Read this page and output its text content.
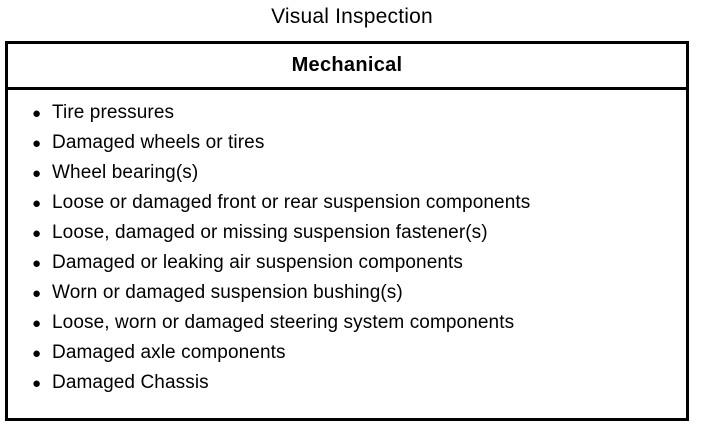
Visual Inspection
Mechanical
● Tire pressures
● Damaged wheels or tires
● Wheel bearing(s)
● Loose or damaged front or rear suspension components
● Loose, damaged or missing suspension fastener(s)
● Damaged or leaking air suspension components
● Worn or damaged suspension bushing(s)
● Loose, worn or damaged steering system components
● Damaged axle components
● Damaged Chassis
